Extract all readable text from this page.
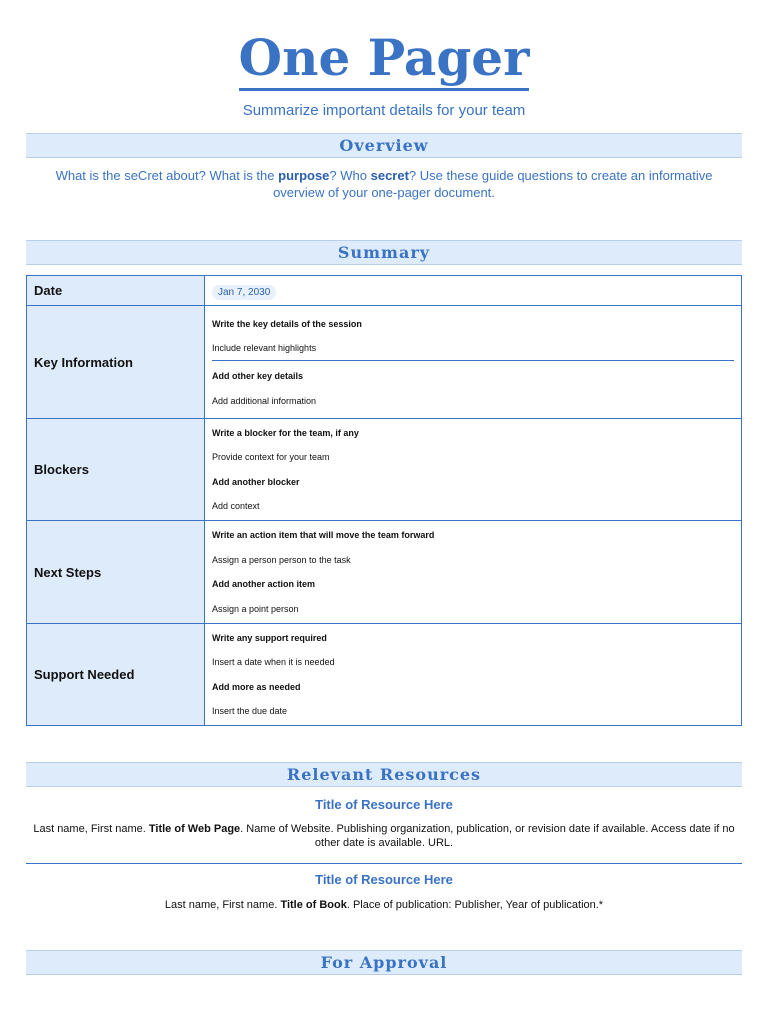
One Pager
Summarize important details for your team
Overview
What is the seCret about? What is the purpose? Who secret? Use these guide questions to create an informative overview of your one-pager document.
Summary
Date	Jan 7, 2030
Key Information	Write the key details of the session
Include relevant highlights
Add other key details
Add additional information

Blockers	Write a blocker for the team, if any
Provide context for your team
Add another blocker
Add context

Next Steps	Write an action item that will move the team forward
Assign a person person to the task
Add another action item
Assign a point person

Support Needed	Write any support required
Insert a date when it is needed
Add more as needed
Insert the due date
Relevant Resources
Title of Resource Here
Last name, First name. Title of Web Page. Name of Website. Publishing organization, publication, or revision date if available. Access date if no other date is available. URL.
Title of Resource Here
Last name, First name. Title of Book. Place of publication: Publisher, Year of publication.*
For Approval
